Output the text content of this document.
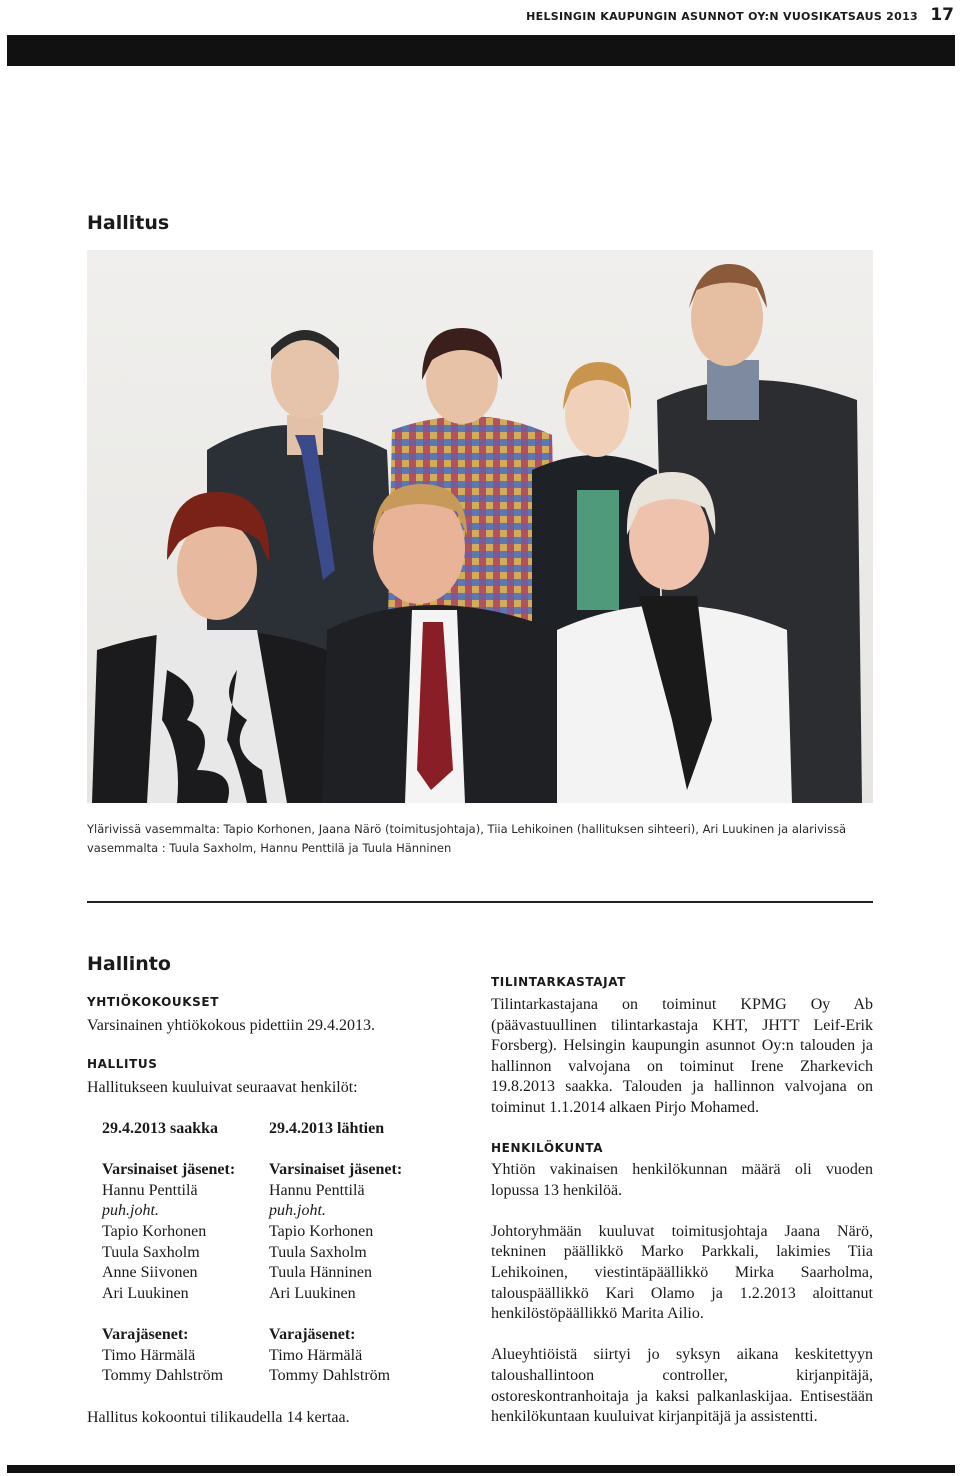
HELSINGIN KAUPUNGIN ASUNNOT OY:N VUOSIKATSAUS 2013 17
Hallitus
Ylärivissä vasemmalta: Tapio Korhonen, Jaana Närö (toimitusjohtaja), Tiia Lehikoinen (hallituksen sihteeri), Ari Luukinen ja alarivissä
vasemmalta : Tuula Saxholm, Hannu Penttilä ja Tuula Hänninen
Hallinto
YHTIÖKOKOUKSET
Varsinainen yhtiökokous pidettiin 29.4.2013.
HALLITUS
Hallitukseen kuuluivat seuraavat henkilöt:
29.4.2013 saakka
Varsinaiset jäsenet:
Hannu Penttilä
puh.joht.
Tapio Korhonen
Tuula Saxholm
Anne Siivonen
Ari Luukinen
Varajäsenet:
Timo Härmälä
Tommy Dahlström
29.4.2013 lähtien
Varsinaiset jäsenet:
Hannu Penttilä
puh.joht.
Tapio Korhonen
Tuula Saxholm
Tuula Hänninen
Ari Luukinen
Varajäsenet:
Timo Härmälä
Tommy Dahlström
Hallitus kokoontui tilikaudella 14 kertaa.
TILINTARKASTAJAT

Tilintarkastajana on toiminut KPMG Oy Ab (päävastuullinen tilintarkastaja KHT, JHTT Leif-Erik Forsberg). Helsingin kaupungin asunnot Oy:n talouden ja hallinnon valvojana on toiminut Irene Zharkevich 19.8.2013 saakka. Talouden ja hallinnon valvojana on toiminut 1.1.2014 alkaen Pirjo Mohamed.

HENKILÖKUNTA

Yhtiön vakinaisen henkilökunnan määrä oli vuoden lopussa 13 henkilöä.

Johtoryhmään kuuluvat toimitusjohtaja Jaana Närö, tekninen päällikkö Marko Parkkali, lakimies Tiia Lehikoinen, viestintäpäällikkö Mirka Saarholma, talouspäällikkö Kari Olamo ja 1.2.2013 aloittanut henkilöstöpäällikkö Marita Ailio.

Alueyhtiöistä siirtyi jo syksyn aikana keskitettyyn taloushallintoon controller, kirjanpitäjä, ostoreskontranhoitaja ja kaksi palkanlaskijaa. Entisestään henkilökuntaan kuuluivat kirjanpitäjä ja assistentti.
